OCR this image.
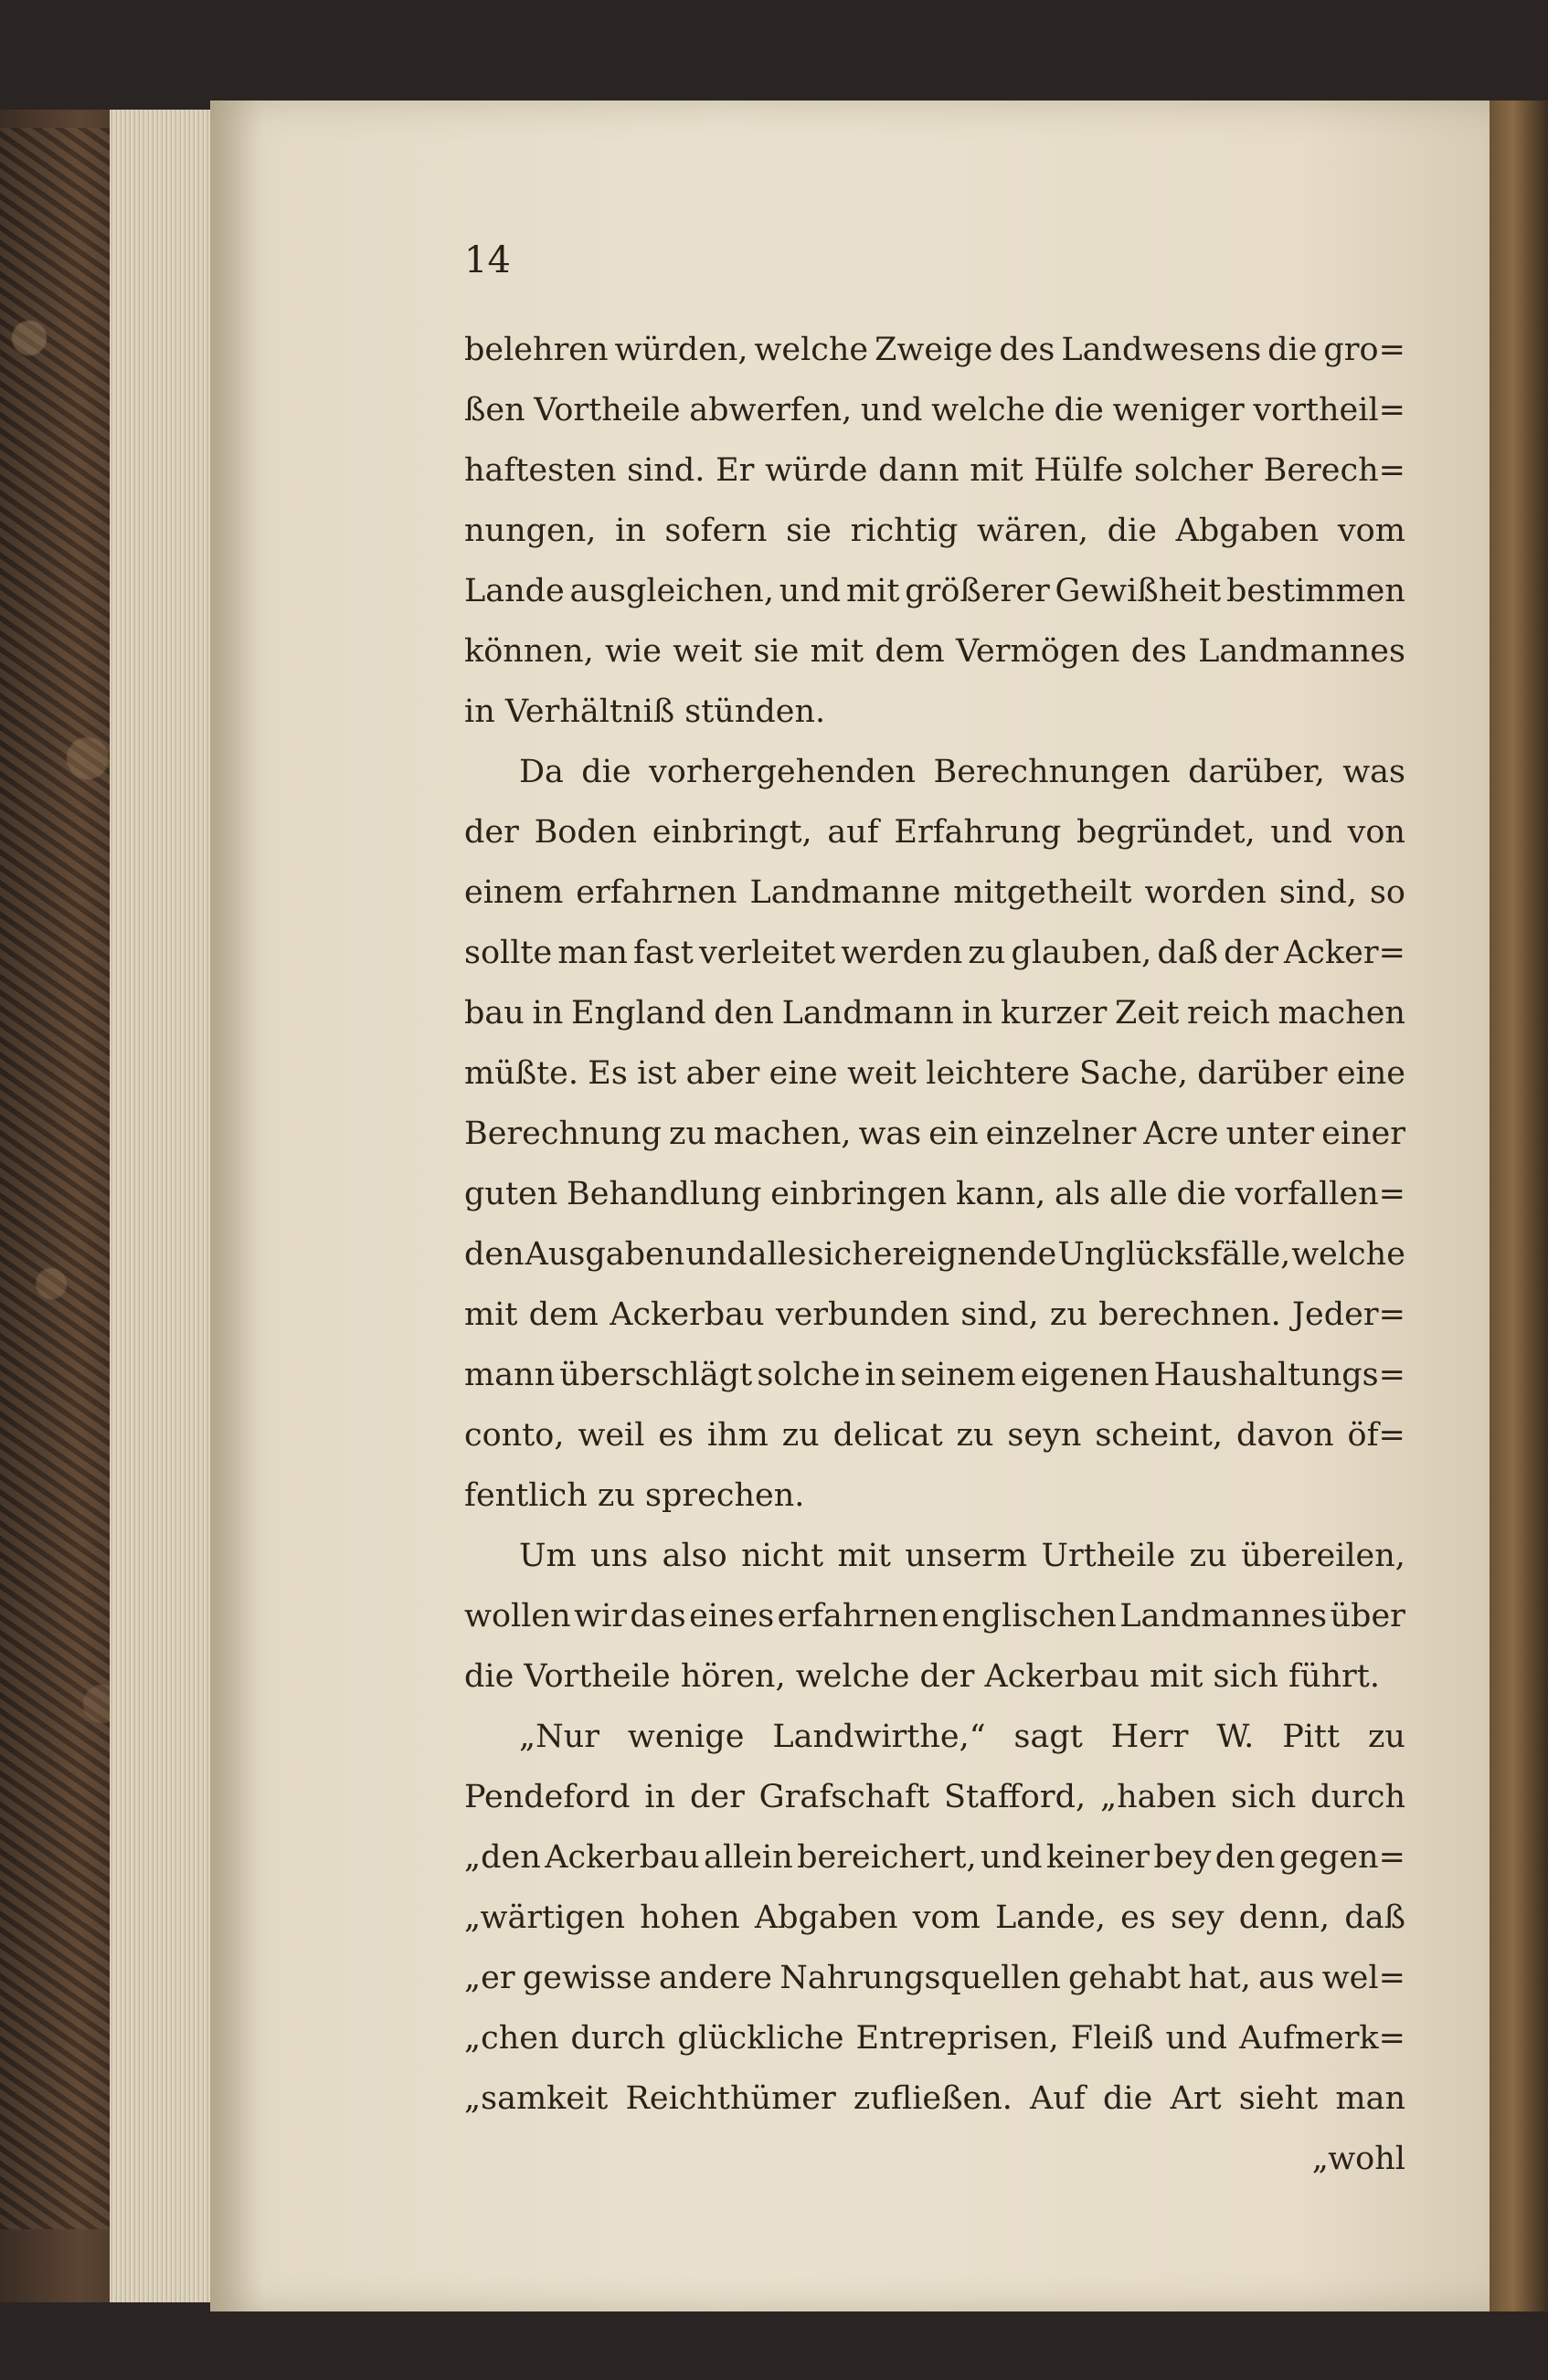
14

belehren würden, welche Zweige des Landwesens die gro=
ßen Vortheile abwerfen, und welche die weniger vortheil=
haftesten sind. Er würde dann mit Hülfe solcher Berech=
nungen, in sofern sie richtig wären, die Abgaben vom
Lande ausgleichen, und mit größerer Gewißheit bestimmen
können, wie weit sie mit dem Vermögen des Landmannes
in Verhältniß stünden.
Da die vorhergehenden Berechnungen darüber, was
der Boden einbringt, auf Erfahrung begründet, und von
einem erfahrnen Landmanne mitgetheilt worden sind, so
sollte man fast verleitet werden zu glauben, daß der Acker=
bau in England den Landmann in kurzer Zeit reich machen
müßte. Es ist aber eine weit leichtere Sache, darüber eine
Berechnung zu machen, was ein einzelner Acre unter einer
guten Behandlung einbringen kann, als alle die vorfallen=
den Ausgaben und alle sich ereignende Unglücksfälle, welche
mit dem Ackerbau verbunden sind, zu berechnen. Jeder=
mann überschlägt solche in seinem eigenen Haushaltungs=
conto, weil es ihm zu delicat zu seyn scheint, davon öf=
fentlich zu sprechen.
Um uns also nicht mit unserm Urtheile zu übereilen,
wollen wir das eines erfahrnen englischen Landmannes über
die Vortheile hören, welche der Ackerbau mit sich führt.
„Nur wenige Landwirthe,“ sagt Herr W. Pitt zu
Pendeford in der Grafschaft Stafford, „haben sich durch
„den Ackerbau allein bereichert, und keiner bey den gegen=
„wärtigen hohen Abgaben vom Lande, es sey denn, daß
„er gewisse andere Nahrungsquellen gehabt hat, aus wel=
„chen durch glückliche Entreprisen, Fleiß und Aufmerk=
„samkeit Reichthümer zufließen. Auf die Art sieht man
„wohl
